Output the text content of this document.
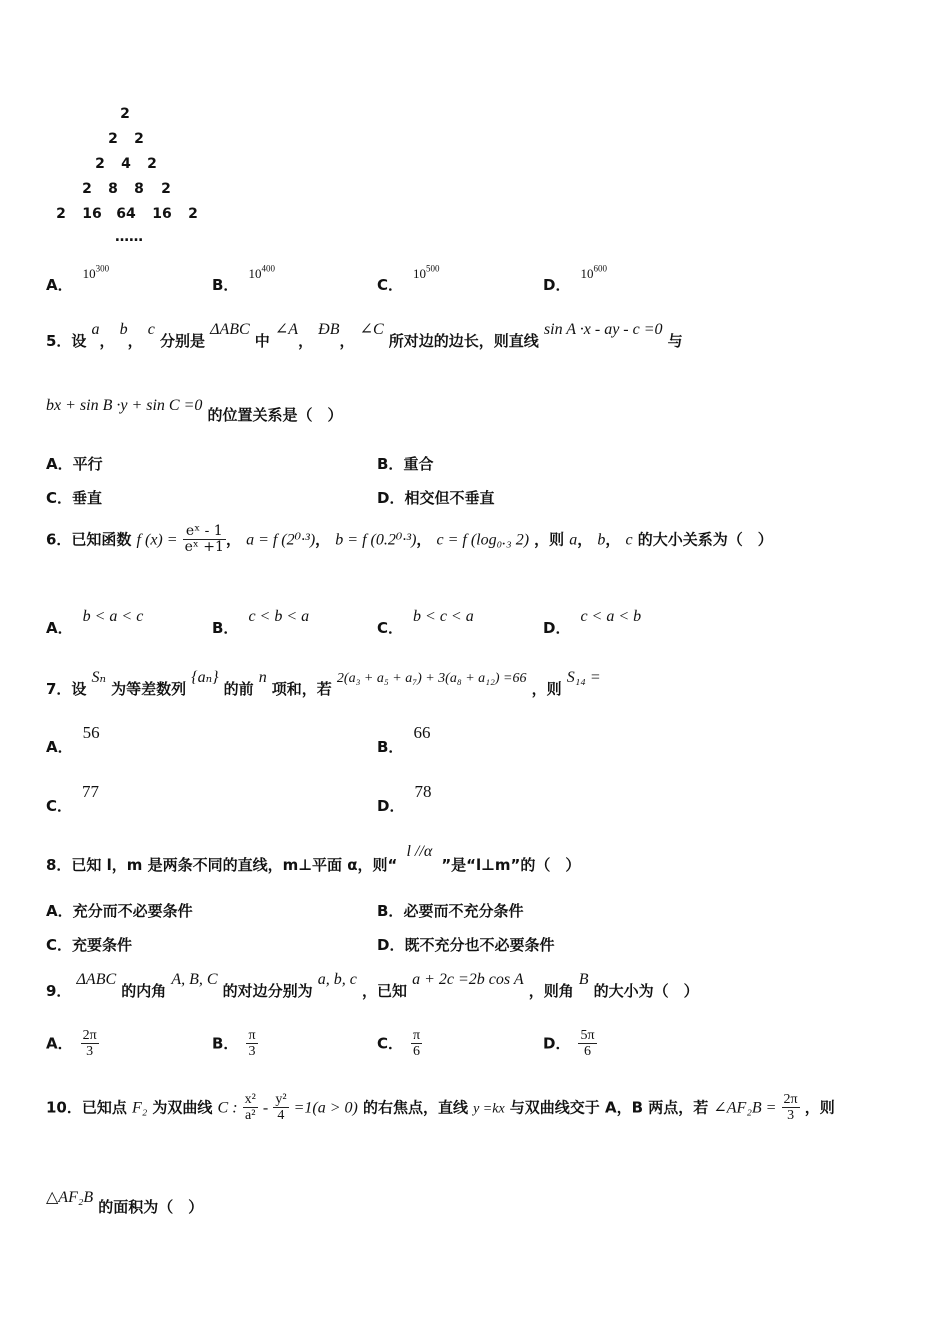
2
2	2
2	4	2
2	8	8	2
2	16	64	16	2
……
A．$10^{300}$
B．$10^{400}$
C．$10^{500}$
D．$10^{600}$
5．设 a， b， c 分别是 ΔABC 中 ∠A， ÐB， ∠C 所对边的边长，则直线 sin A ·x - ay - c =0 与
bx + sin B ·y + sin C =0 的位置关系是（　）
A．平行	B．重合
C．垂直	D．相交但不垂直
6．已知函数 f $(x) = \frac{\text{eˣ - 1}}{\text{eˣ +1}}$ ， a = f (2⁰·³)， b = f (0.2⁰·³)， c = f (log₀.₃ 2) ，则 a， b， c 的大小关系为（　）
A．b < a < c
B．c < b < a
C．b < c < a
D．c < a < b
7．设 Sₙ 为等差数列 {aₙ} 的前 n 项和，若 2(a₃ + a₅ + a₇) + 3(a₈ + a₁₂) =66 ，则 S₁₄ =
A．56
B．66
C．77
D．78
8．已知 l，m 是两条不同的直线，m⊥平面 α，则“ l //α ”是“l⊥m”的（　）
A．充分而不必要条件	B．必要而不充分条件
C．充要条件	D．既不充分也不必要条件
9． ΔABC 的内角 A, B, C 的对边分别为 a, b, c ，已知 a + 2c =2b cos A ，则角 B 的大小为（　）
A． $\frac{2\pi}{3}$	B． $\frac{\pi}{3}$	C． $\frac{\pi}{6}$	D． $\frac{5\pi}{6}$
10．已知点 F₂ 为双曲线 C : $\frac{\text{x²}}{\text{a²}} - \frac{\text{y²}}{4} =1(a > 0)$ 的右焦点，直线 y =kx 与双曲线交于 A，B 两点，若 ∠AF₂B = $\frac{2\pi}{3}$ ，则
△AF₂B 的面积为（　）
